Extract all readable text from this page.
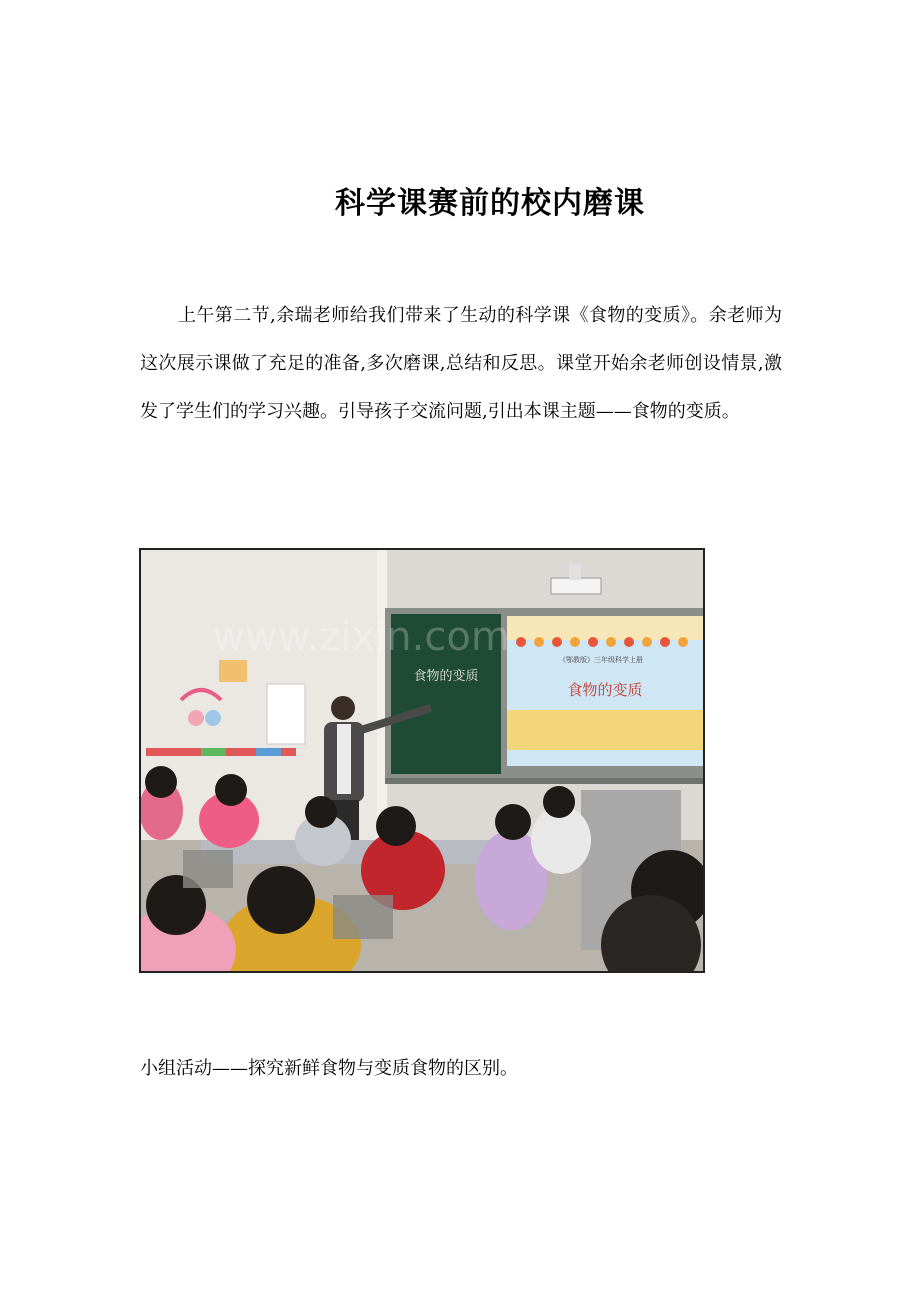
科学课赛前的校内磨课

上午第二节,余瑞老师给我们带来了生动的科学课《食物的变质》。余老师为这次展示课做了充足的准备,多次磨课,总结和反思。课堂开始余老师创设情景,激发了学生们的学习兴趣。引导孩子交流问题,引出本课主题——食物的变质。

食物的变质
《鄂教版》三年级科学上册
食物的变质
www.zixin.com

小组活动——探究新鲜食物与变质食物的区别。
